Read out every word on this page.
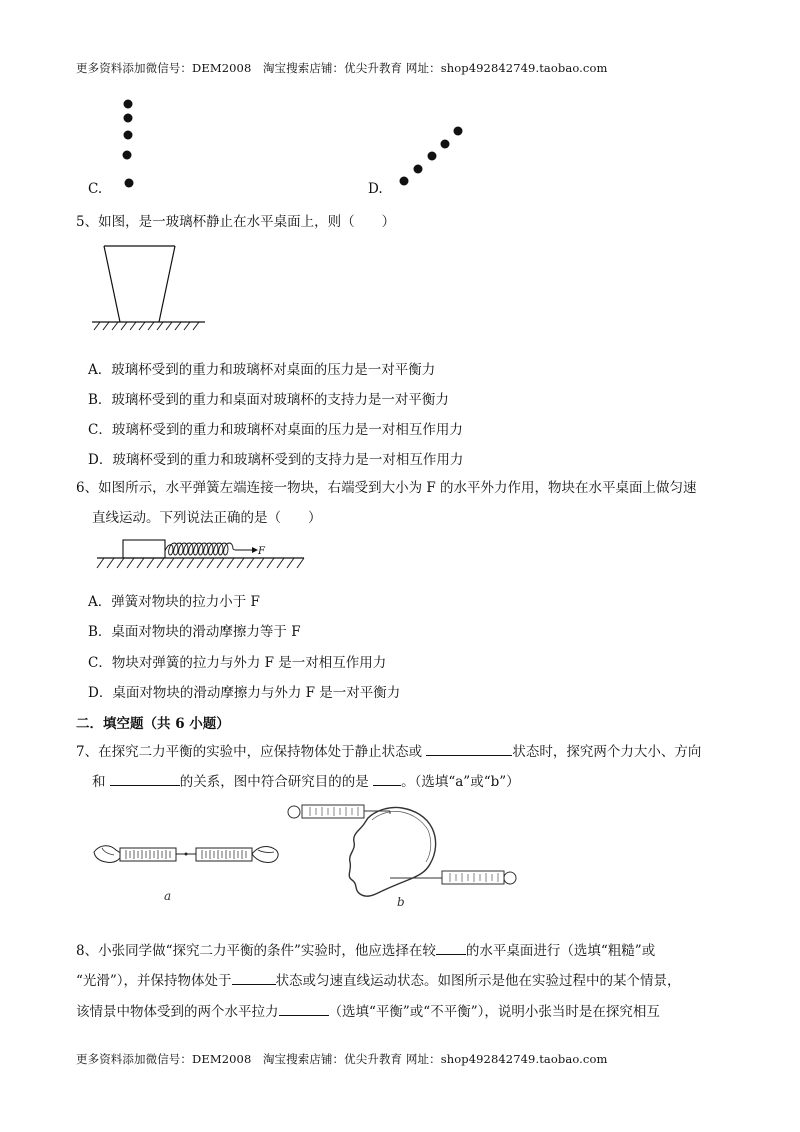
更多资料添加微信号：DEM2008　淘宝搜索店铺：优尖升教育 网址：shop492842749.taobao.com
C.	D.
5、如图，是一玻璃杯静止在水平桌面上，则（　　）
A．玻璃杯受到的重力和玻璃杯对桌面的压力是一对平衡力
B．玻璃杯受到的重力和桌面对玻璃杯的支持力是一对平衡力
C．玻璃杯受到的重力和玻璃杯对桌面的压力是一对相互作用力
D．玻璃杯受到的重力和玻璃杯受到的支持力是一对相互作用力
6、如图所示，水平弹簧左端连接一物块，右端受到大小为 F 的水平外力作用，物块在水平桌面上做匀速
直线运动。下列说法正确的是（　　）
F
A．弹簧对物块的拉力小于 F
B．桌面对物块的滑动摩擦力等于 F
C．物块对弹簧的拉力与外力 F 是一对相互作用力
D．桌面对物块的滑动摩擦力与外力 F 是一对平衡力
二．填空题（共 6 小题）
7、在探究二力平衡的实验中，应保持物体处于静止状态或	状态时，探究两个力大小、方向
和	的关系，图中符合研究目的的是 。（选填“a”或“b”）
a	b
8、小张同学做“探究二力平衡的条件”实验时，他应选择在较 的水平桌面进行（选填“粗糙”或
“光滑”），并保持物体处于	状态或匀速直线运动状态。如图所示是他在实验过程中的某个情景，
该情景中物体受到的两个水平拉力	（选填“平衡”或“不平衡”），说明小张当时是在探究相互
更多资料添加微信号：DEM2008　淘宝搜索店铺：优尖升教育 网址：shop492842749.taobao.com
